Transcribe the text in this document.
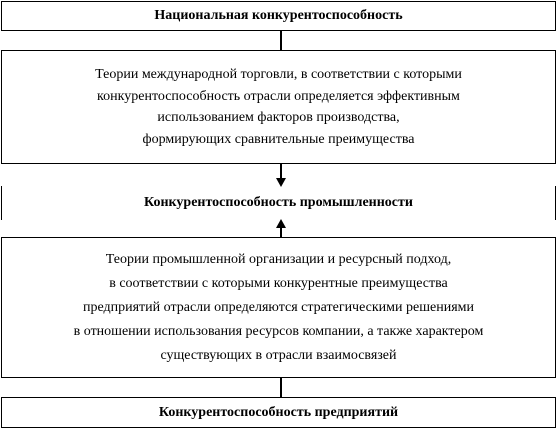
Национальная конкурентоспособность
Теории международной торговли, в соответствии с которыми
конкурентоспособность отрасли определяется эффективным
использованием факторов производства,
формирующих сравнительные преимущества
Конкурентоспособность промышленности
Теории промышленной организации и ресурсный подход,
в соответствии с которыми конкурентные преимущества
предприятий отрасли определяются стратегическими решениями
в отношении использования ресурсов компании, а также характером
существующих в отрасли взаимосвязей
Конкурентоспособность предприятий
